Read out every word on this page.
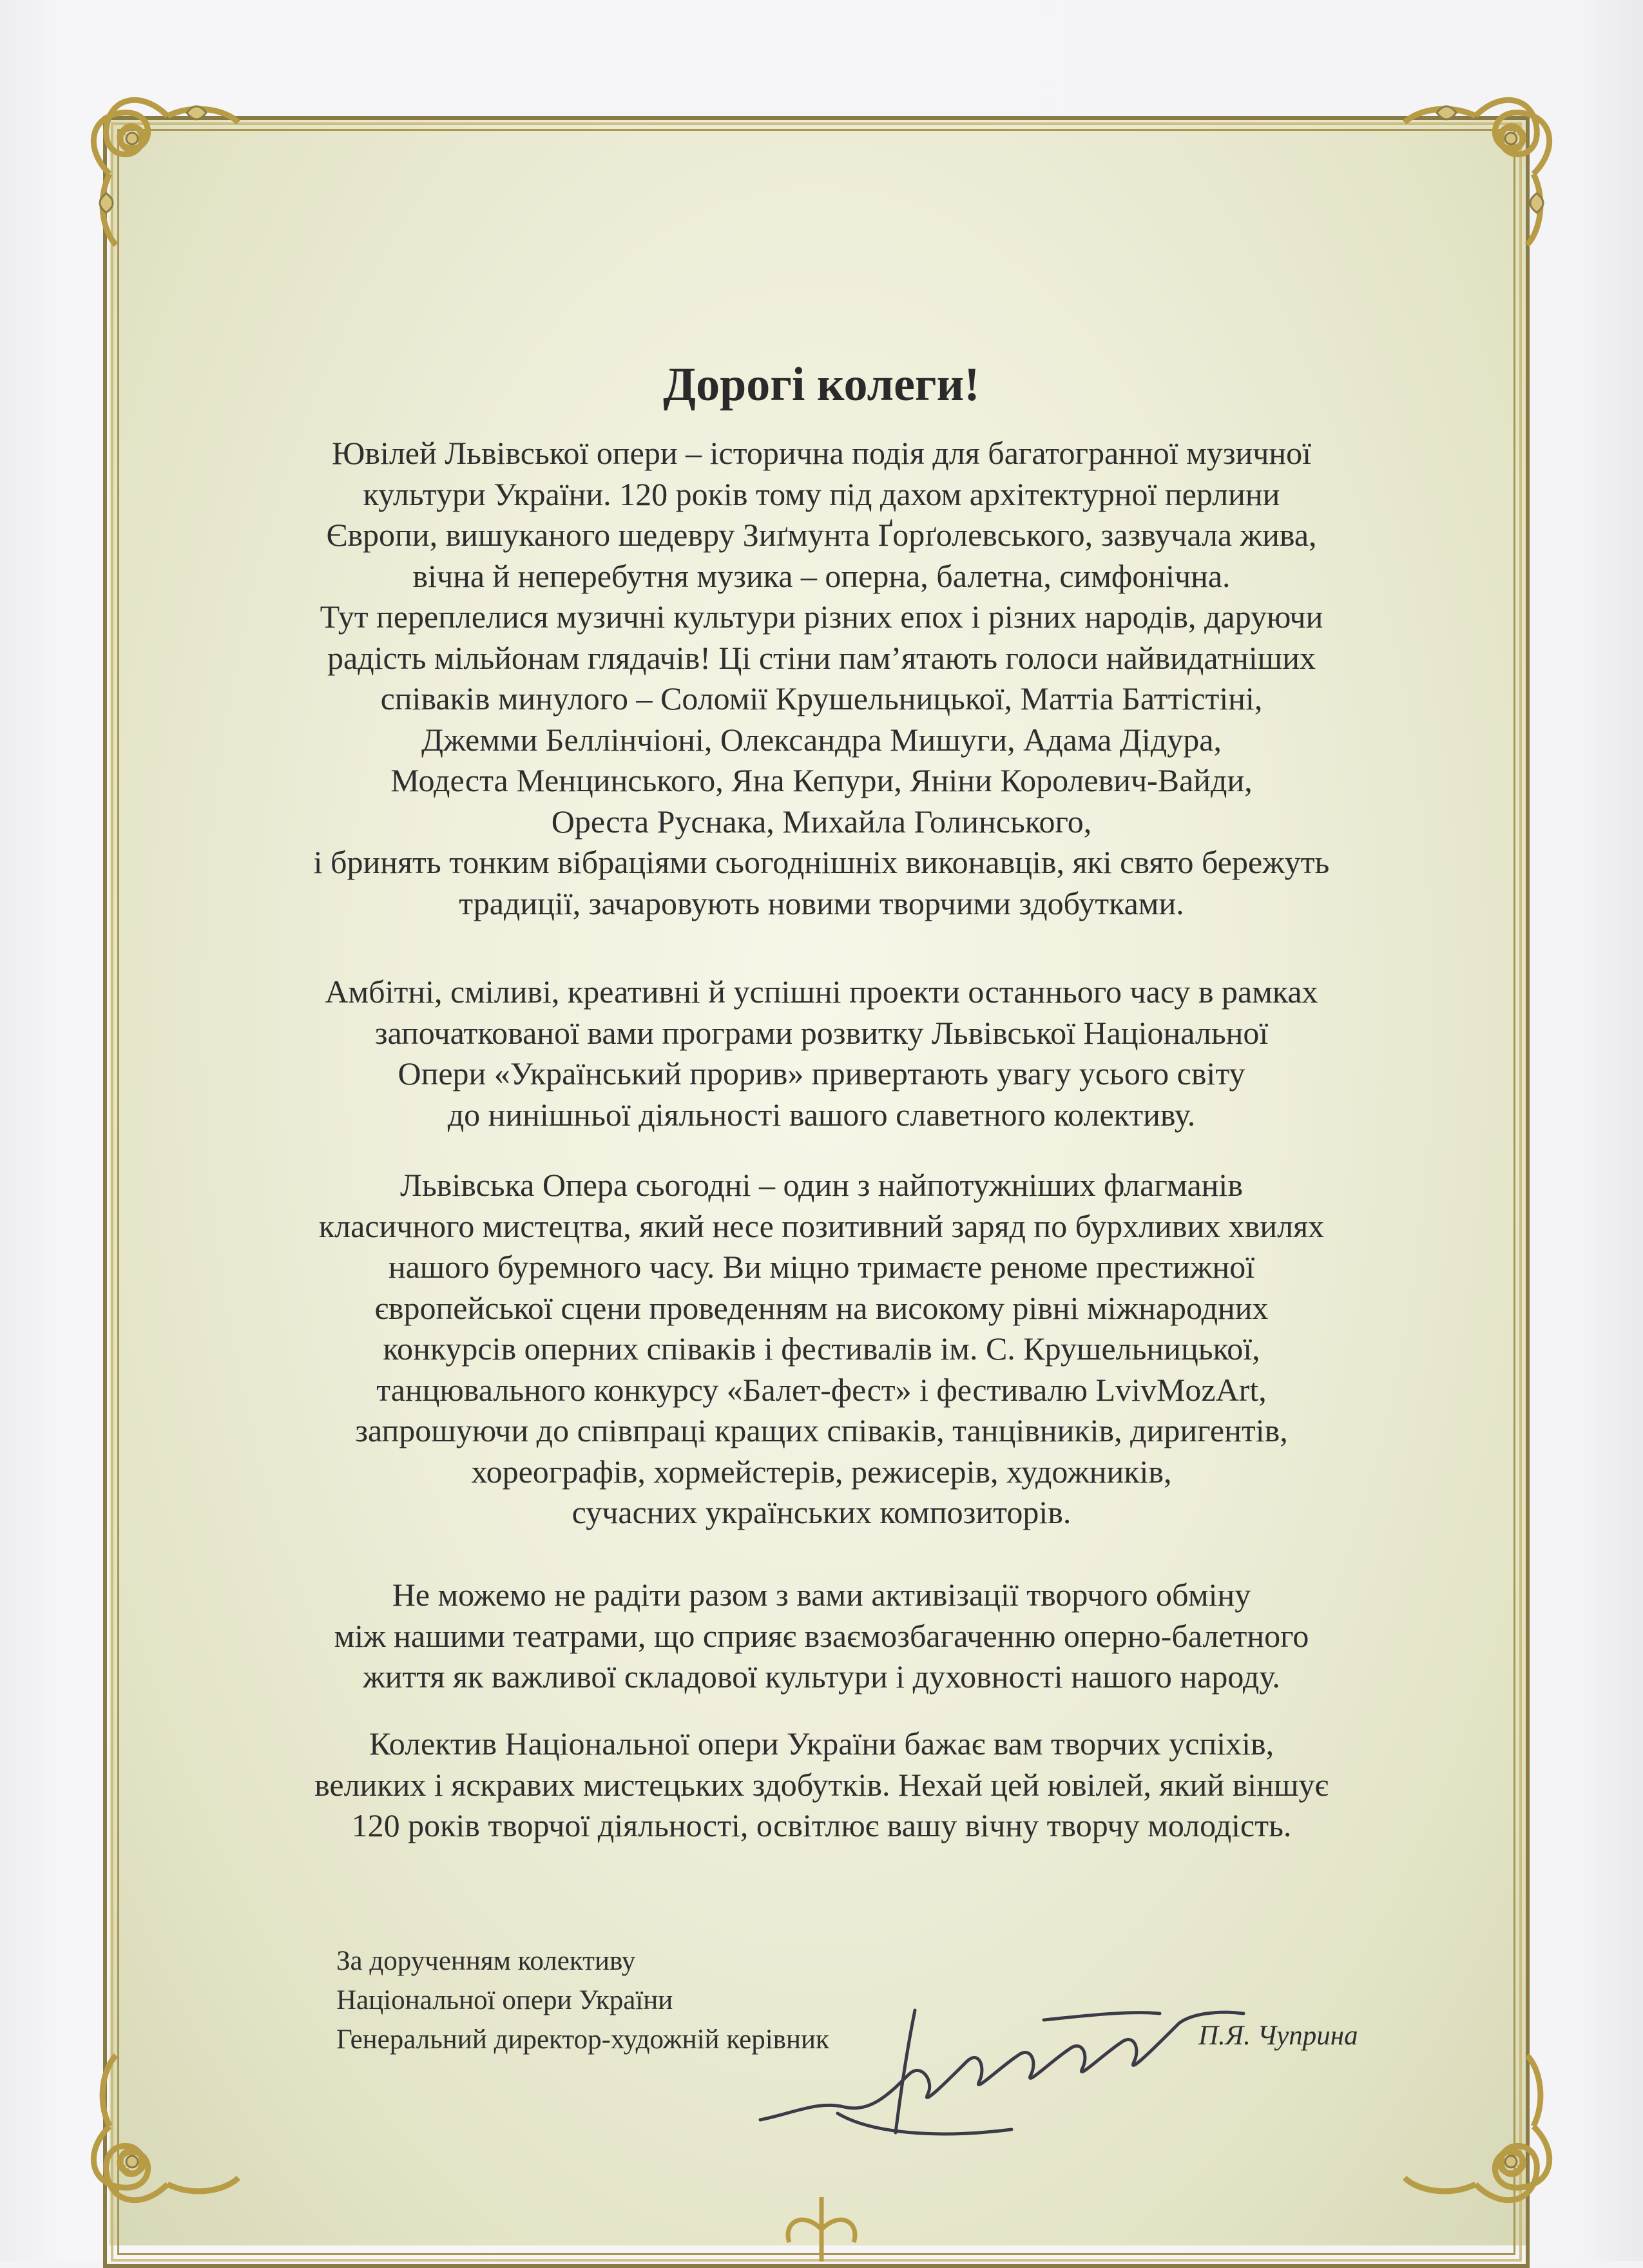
Дорогі колеги!
Ювілей Львівської опери – історична подія для багатогранної музичної
культури України. 120 років тому під дахом архітектурної перлини
Європи, вишуканого шедевру Зиґмунта Ґорґолевського, зазвучала жива,
вічна й неперебутня музика – оперна, балетна, симфонічна.
Тут переплелися музичні культури різних епох і різних народів, даруючи
радість мільйонам глядачів! Ці стіни пам’ятають голоси найвидатніших
співаків минулого – Соломії Крушельницької, Маттіа Баттістіні,
Джемми Беллінчіоні, Олександра Мишуги, Адама Дідура,
Модеста Менцинського, Яна Кепури, Яніни Королевич-Вайди,
Ореста Руснака, Михайла Голинського,
і бринять тонким вібраціями сьогоднішніх виконавців, які свято бережуть
традиції, зачаровують новими творчими здобутками.
Амбітні, сміливі, креативні й успішні проекти останнього часу в рамках
започаткованої вами програми розвитку Львівської Національної
Опери «Український прорив» привертають увагу усього світу
до нинішньої діяльності вашого славетного колективу.
Львівська Опера сьогодні – один з найпотужніших флагманів
класичного мистецтва, який несе позитивний заряд по бурхливих хвилях
нашого буремного часу. Ви міцно тримаєте реноме престижної
європейської сцени проведенням на високому рівні міжнародних
конкурсів оперних співаків і фестивалів ім. С. Крушельницької,
танцювального конкурсу «Балет-фест» і фестивалю LvivMozArt,
запрошуючи до співпраці кращих співаків, танцівників, диригентів,
хореографів, хормейстерів, режисерів, художників,
сучасних українських композиторів.
Не можемо не радіти разом з вами активізації творчого обміну
між нашими театрами, що сприяє взаємозбагаченню оперно-балетного
життя як важливої складової культури і духовності нашого народу.
Колектив Національної опери України бажає вам творчих успіхів,
великих і яскравих мистецьких здобутків. Нехай цей ювілей, який віншує
120 років творчої діяльності, освітлює вашу вічну творчу молодість.
За дорученням колективу
Національної опери України
Генеральний директор-художній керівник	П.Я. Чуприна
